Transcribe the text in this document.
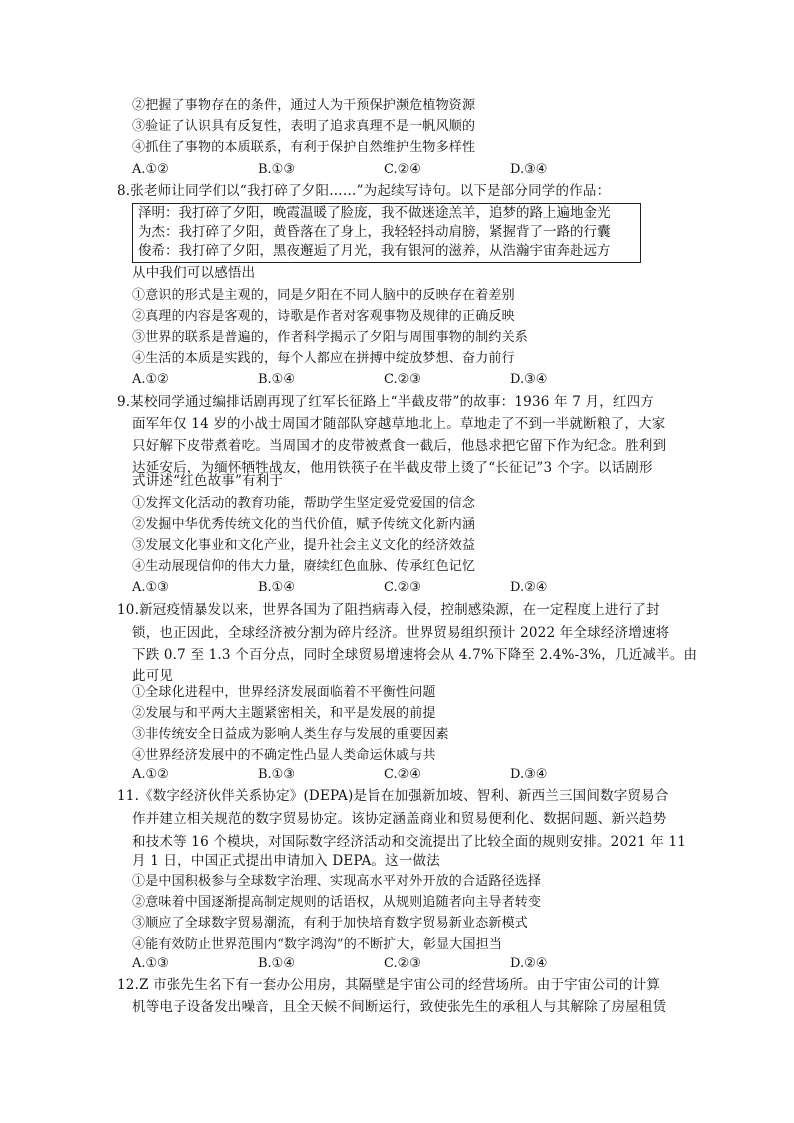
②把握了事物存在的条件，通过人为干预保护濒危植物资源
③验证了认识具有反复性，表明了追求真理不是一帆风顺的
④抓住了事物的本质联系，有利于保护自然维护生物多样性
A.①②	B.①③	C.②④	D.③④
8.张老师让同学们以“我打碎了夕阳……”为起续写诗句。以下是部分同学的作品：
泽明：我打碎了夕阳，晚霞温暖了脸庞，我不做迷途羔羊，追梦的路上遍地金光
为杰：我打碎了夕阳，黄昏落在了身上，我轻轻抖动肩膀，紧握背了一路的行囊
俊希：我打碎了夕阳，黑夜邂逅了月光，我有银河的滋养，从浩瀚宇宙奔赴远方
从中我们可以感悟出
①意识的形式是主观的，同是夕阳在不同人脑中的反映存在着差别
②真理的内容是客观的，诗歌是作者对客观事物及规律的正确反映
③世界的联系是普遍的，作者科学揭示了夕阳与周围事物的制约关系
④生活的本质是实践的，每个人都应在拼搏中绽放梦想、奋力前行
A.①②	B.①④	C.②③	D.③④
9.某校同学通过编排话剧再现了红军长征路上“半截皮带”的故事：1936 年 7 月，红四方
面军年仅 14 岁的小战士周国才随部队穿越草地北上。草地走了不到一半就断粮了，大家
只好解下皮带煮着吃。当周国才的皮带被煮食一截后，他恳求把它留下作为纪念。胜利到
达延安后，为缅怀牺牲战友，他用铁筷子在半截皮带上烫了“长征记”3 个字。以话剧形
式讲述“红色故事”有利于
①发挥文化活动的教育功能，帮助学生坚定爱党爱国的信念
②发掘中华优秀传统文化的当代价值，赋予传统文化新内涵
③发展文化事业和文化产业，提升社会主义文化的经济效益
④生动展现信仰的伟大力量，赓续红色血脉、传承红色记忆
A.①③	B.①④	C.②③	D.②④
10.新冠疫情暴发以来，世界各国为了阻挡病毒入侵，控制感染源，在一定程度上进行了封
锁，也正因此，全球经济被分割为碎片经济。世界贸易组织预计 2022 年全球经济增速将
下跌 0.7 至 1.3 个百分点，同时全球贸易增速将会从 4.7%下降至 2.4%-3%，几近减半。由
此可见
①全球化进程中，世界经济发展面临着不平衡性问题
②发展与和平两大主题紧密相关，和平是发展的前提
③非传统安全日益成为影响人类生存与发展的重要因素
④世界经济发展中的不确定性凸显人类命运休戚与共
A.①②	B.①③	C.②④	D.③④
11.《数字经济伙伴关系协定》(DEPA)是旨在加强新加坡、智利、新西兰三国间数字贸易合
作并建立相关规范的数字贸易协定。该协定涵盖商业和贸易便利化、数据问题、新兴趋势
和技术等 16 个模块，对国际数字经济活动和交流提出了比较全面的规则安排。2021 年 11
月 1 日，中国正式提出申请加入 DEPA。这一做法
①是中国积极参与全球数字治理、实现高水平对外开放的合适路径选择
②意味着中国逐渐提高制定规则的话语权，从规则追随者向主导者转变
③顺应了全球数字贸易潮流，有利于加快培育数字贸易新业态新模式
④能有效防止世界范围内“数字鸿沟”的不断扩大，彰显大国担当
A.①③	B.①④	C.②③	D.②④
12.Z 市张先生名下有一套办公用房，其隔壁是宇宙公司的经营场所。由于宇宙公司的计算
机等电子设备发出噪音，且全天候不间断运行，致使张先生的承租人与其解除了房屋租赁
